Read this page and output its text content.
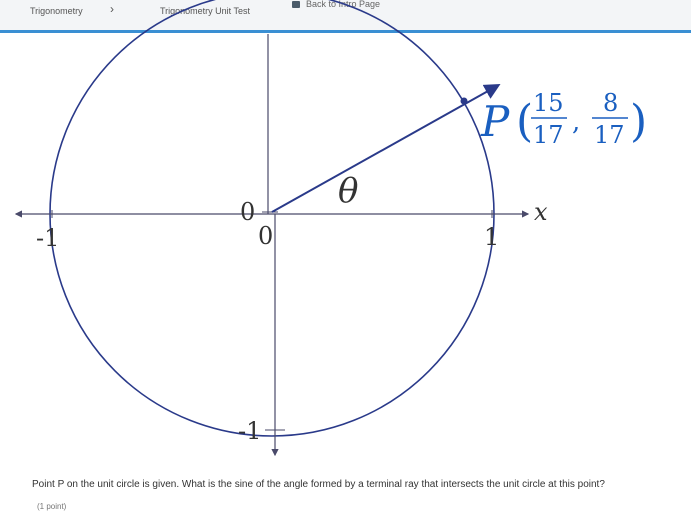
Trigonometry ›	Trigonometry Unit Test
Back to Intro Page
-1	0
0
1
-1
x
θ
P ( 15
17 ,
8
17 )
Point P on the unit circle is given. What is the sine of the angle formed by a terminal ray that intersects the unit circle at this point?
(1 point)
